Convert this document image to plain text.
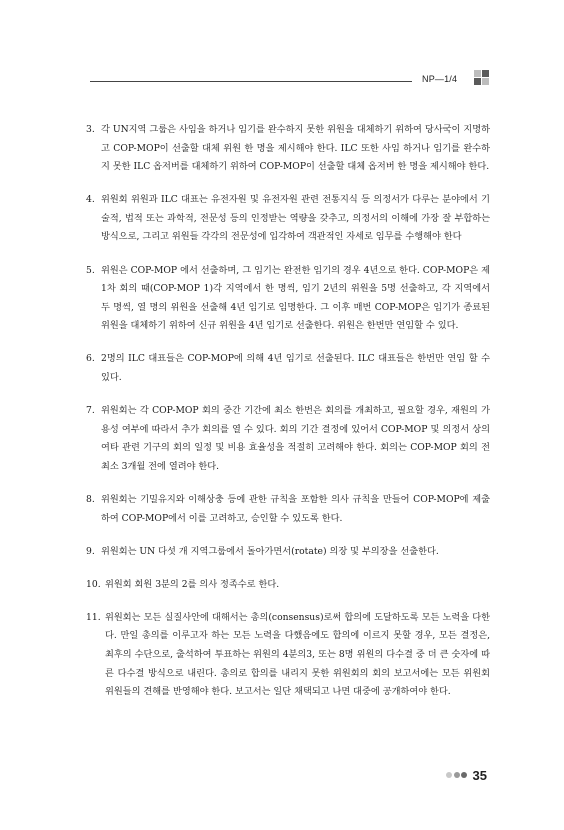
NP—1/4
3. 각 UN지역 그룹은 사임을 하거나 임기를 완수하지 못한 위원을 대체하기 위하여 당사국이 지명하고 COP-MOP이 선출할 대체 위원 한 명을 제시해야 한다. ILC 또한 사임 하거나 임기를 완수하지 못한 ILC 옵저버를 대체하기 위하여 COP-MOP이 선출할 대체 옵저버 한 명을 제시해야 한다.
4. 위원회 위원과 ILC 대표는 유전자원 및 유전자원 관련 전통지식 등 의정서가 다루는 분야에서 기술적, 법적 또는 과학적, 전문성 등의 인정받는 역량을 갖추고, 의정서의 이해에 가장 잘 부합하는 방식으로, 그리고 위원들 각각의 전문성에 입각하여 객관적인 자세로 임무를 수행해야 한다
5. 위원은 COP-MOP 에서 선출하며, 그 임기는 완전한 임기의 경우 4년으로 한다. COP-MOP은 제 1차 회의 때(COP-MOP 1)각 지역에서 한 명씩, 임기 2년의 위원을 5명 선출하고, 각 지역에서 두 명씩, 열 명의 위원을 선출해 4년 임기로 임명한다. 그 이후 매번 COP-MOP은 임기가 종료된 위원을 대체하기 위하여 신규 위원을 4년 임기로 선출한다. 위원은 한번만 연임할 수 있다.
6. 2명의 ILC 대표들은 COP-MOP에 의해 4년 임기로 선출된다. ILC 대표들은 한번만 연임 할 수 있다.
7. 위원회는 각 COP-MOP 회의 중간 기간에 최소 한번은 회의를 개최하고, 필요할 경우, 재원의 가용성 여부에 따라서 추가 회의를 열 수 있다. 회의 기간 결정에 있어서 COP-MOP 및 의정서 상의 여타 관련 기구의 회의 일정 및 비용 효율성을 적절히 고려해야 한다. 회의는 COP-MOP 회의 전 최소 3개월 전에 열려야 한다.
8. 위원회는 기밀유지와 이해상충 등에 관한 규칙을 포함한 의사 규칙을 만들어 COP-MOP에 제출하여 COP-MOP에서 이를 고려하고, 승인할 수 있도록 한다.
9. 위원회는 UN 다섯 개 지역그룹에서 돌아가면서(rotate) 의장 및 부의장을 선출한다.
10. 위원회 회원 3분의 2를 의사 정족수로 한다.
11. 위원회는 모든 실질사안에 대해서는 총의(consensus)로써 합의에 도달하도록 모든 노력을 다한다. 만일 총의를 이루고자 하는 모든 노력을 다했음에도 합의에 이르지 못할 경우, 모든 결정은, 최후의 수단으로, 출석하여 투표하는 위원의 4분의3, 또는 8명 위원의 다수결 중 더 큰 숫자에 따른 다수결 방식으로 내린다. 총의로 합의를 내리지 못한 위원회의 회의 보고서에는 모든 위원회 위원들의 견해를 반영해야 한다. 보고서는 일단 채택되고 나면 대중에 공개하여야 한다.
35
